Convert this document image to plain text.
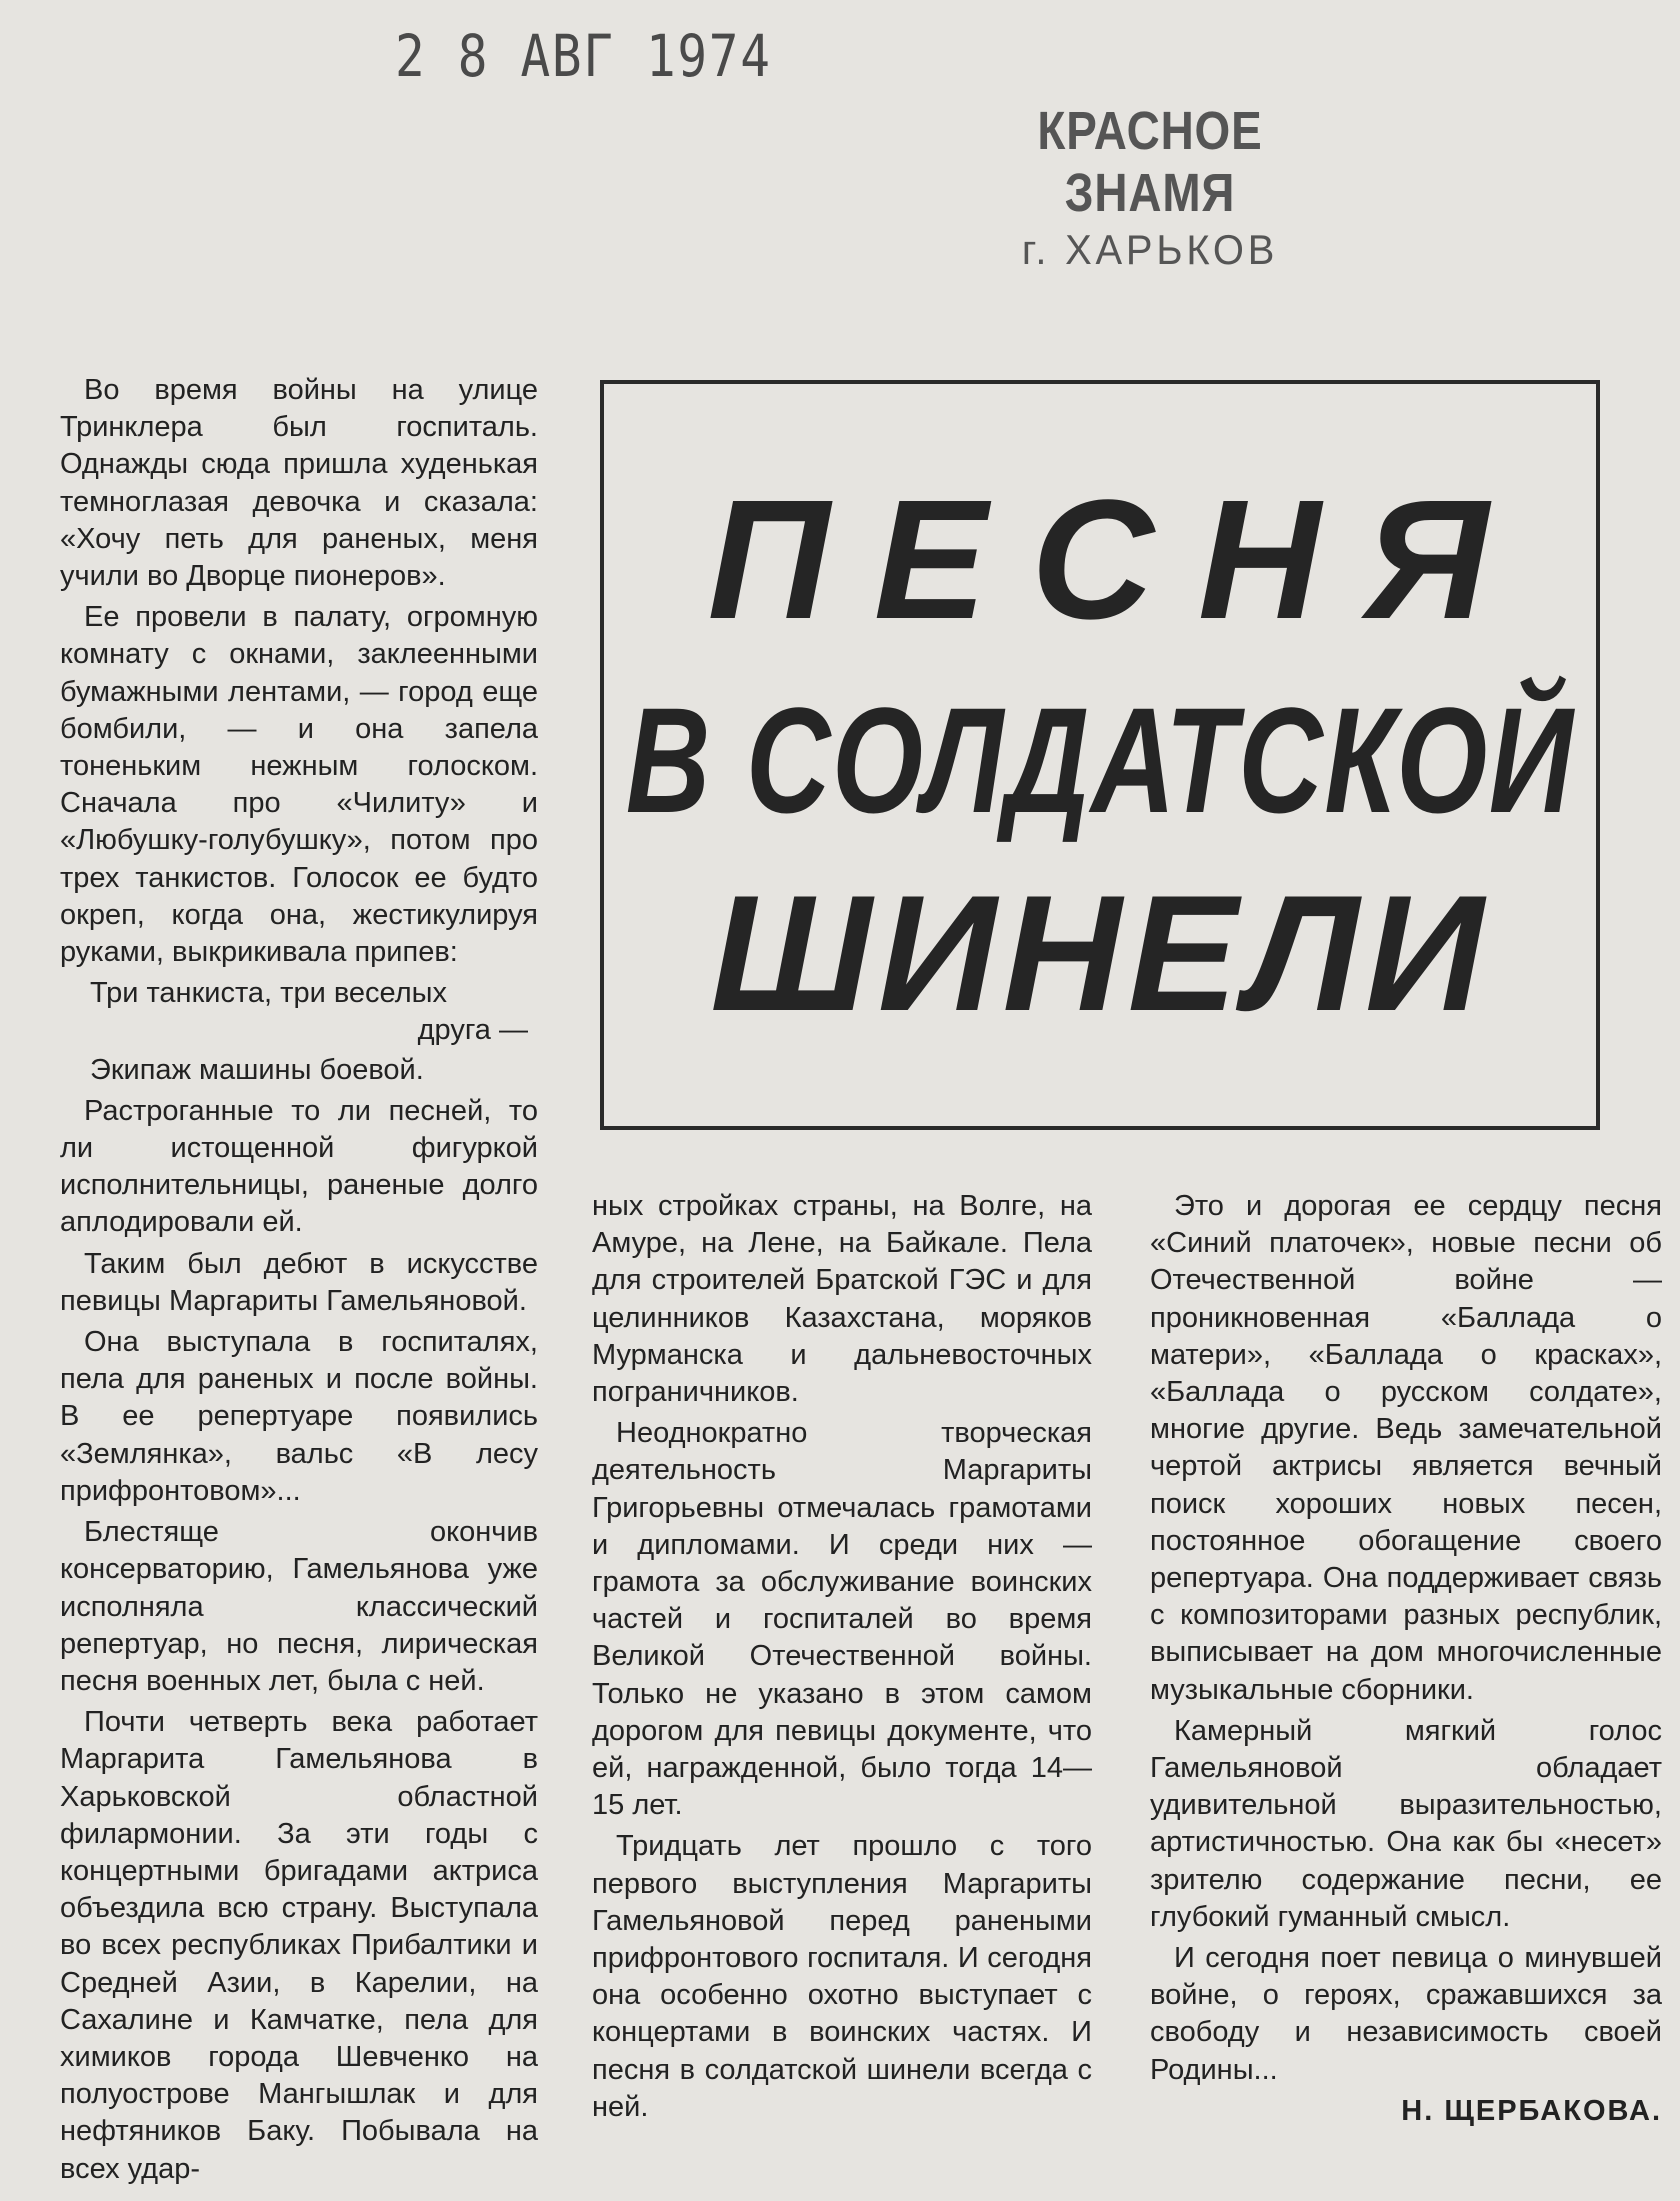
2 8 АВГ 1974
КРАСНОЕ ЗНАМЯ
г. ХАРЬКОВ
ПЕСНЯ
В СОЛДАТСКОЙ
ШИНЕЛИ

Во время войны на улице Тринклера был госпиталь. Однажды сюда пришла худенькая темноглазая девочка и сказала: «Хочу петь для раненых, меня учили во Дворце пионеров».

Ее провели в палату, огромную комнату с окнами, заклеенными бумажными лентами, — город еще бомбили, — и она запела тоненьким нежным голоском. Сначала про «Чилиту» и «Любушку-голубушку», потом про трех танкистов. Голосок ее будто окреп, когда она, жестикулируя руками, выкрикивала припев:

Три танкиста, три веселых

друга —

Экипаж машины боевой.

Растроганные то ли песней, то ли истощенной фигуркой исполнительницы, раненые долго аплодировали ей.

Таким был дебют в искусстве певицы Маргариты Гамельяновой.

Она выступала в госпиталях, пела для раненых и после войны. В ее репертуаре появились «Землянка», вальс «В лесу прифронтовом»...

Блестяще окончив консерваторию, Гамельянова уже исполняла классический репертуар, но песня, лирическая песня военных лет, была с ней.

Почти четверть века работает Маргарита Гамельянова в Харьковской областной филармонии. За эти годы с концертными бригадами актриса объездила всю страну. Выступала во всех республиках Прибалтики и Средней Азии, в Карелии, на Сахалине и Камчатке, пела для химиков города Шевченко на полуострове Мангышлак и для нефтяников Баку. Побывала на всех удар-

ных стройках страны, на Волге, на Амуре, на Лене, на Байкале. Пела для строителей Братской ГЭС и для целинников Казахстана, моряков Мурманска и дальневосточных пограничников.

Неоднократно творческая деятельность Маргариты Григорьевны отмечалась грамотами и дипломами. И среди них — грамота за обслуживание воинских частей и госпиталей во время Великой Отечественной войны. Только не указано в этом самом дорогом для певицы документе, что ей, награжденной, было тогда 14—15 лет.

Тридцать лет прошло с того первого выступления Маргариты Гамельяновой перед ранеными прифронтового госпиталя. И сегодня она особенно охотно выступает с концертами в воинских частях. И песня в солдатской шинели всегда с ней.

Это и дорогая ее сердцу песня «Синий платочек», новые песни об Отечественной войне — проникновенная «Баллада о матери», «Баллада о красках», «Баллада о русском солдате», многие другие. Ведь замечательной чертой актрисы является вечный поиск хороших новых песен, постоянное обогащение своего репертуара. Она поддерживает связь с композиторами разных республик, выписывает на дом многочисленные музыкальные сборники.

Камерный мягкий голос Гамельяновой обладает удивительной выразительностью, артистичностью. Она как бы «несет» зрителю содержание песни, ее глубокий гуманный смысл.

И сегодня поет певица о минувшей войне, о героях, сражавшихся за свободу и независимость своей Родины...

Н. ЩЕРБАКОВА.
